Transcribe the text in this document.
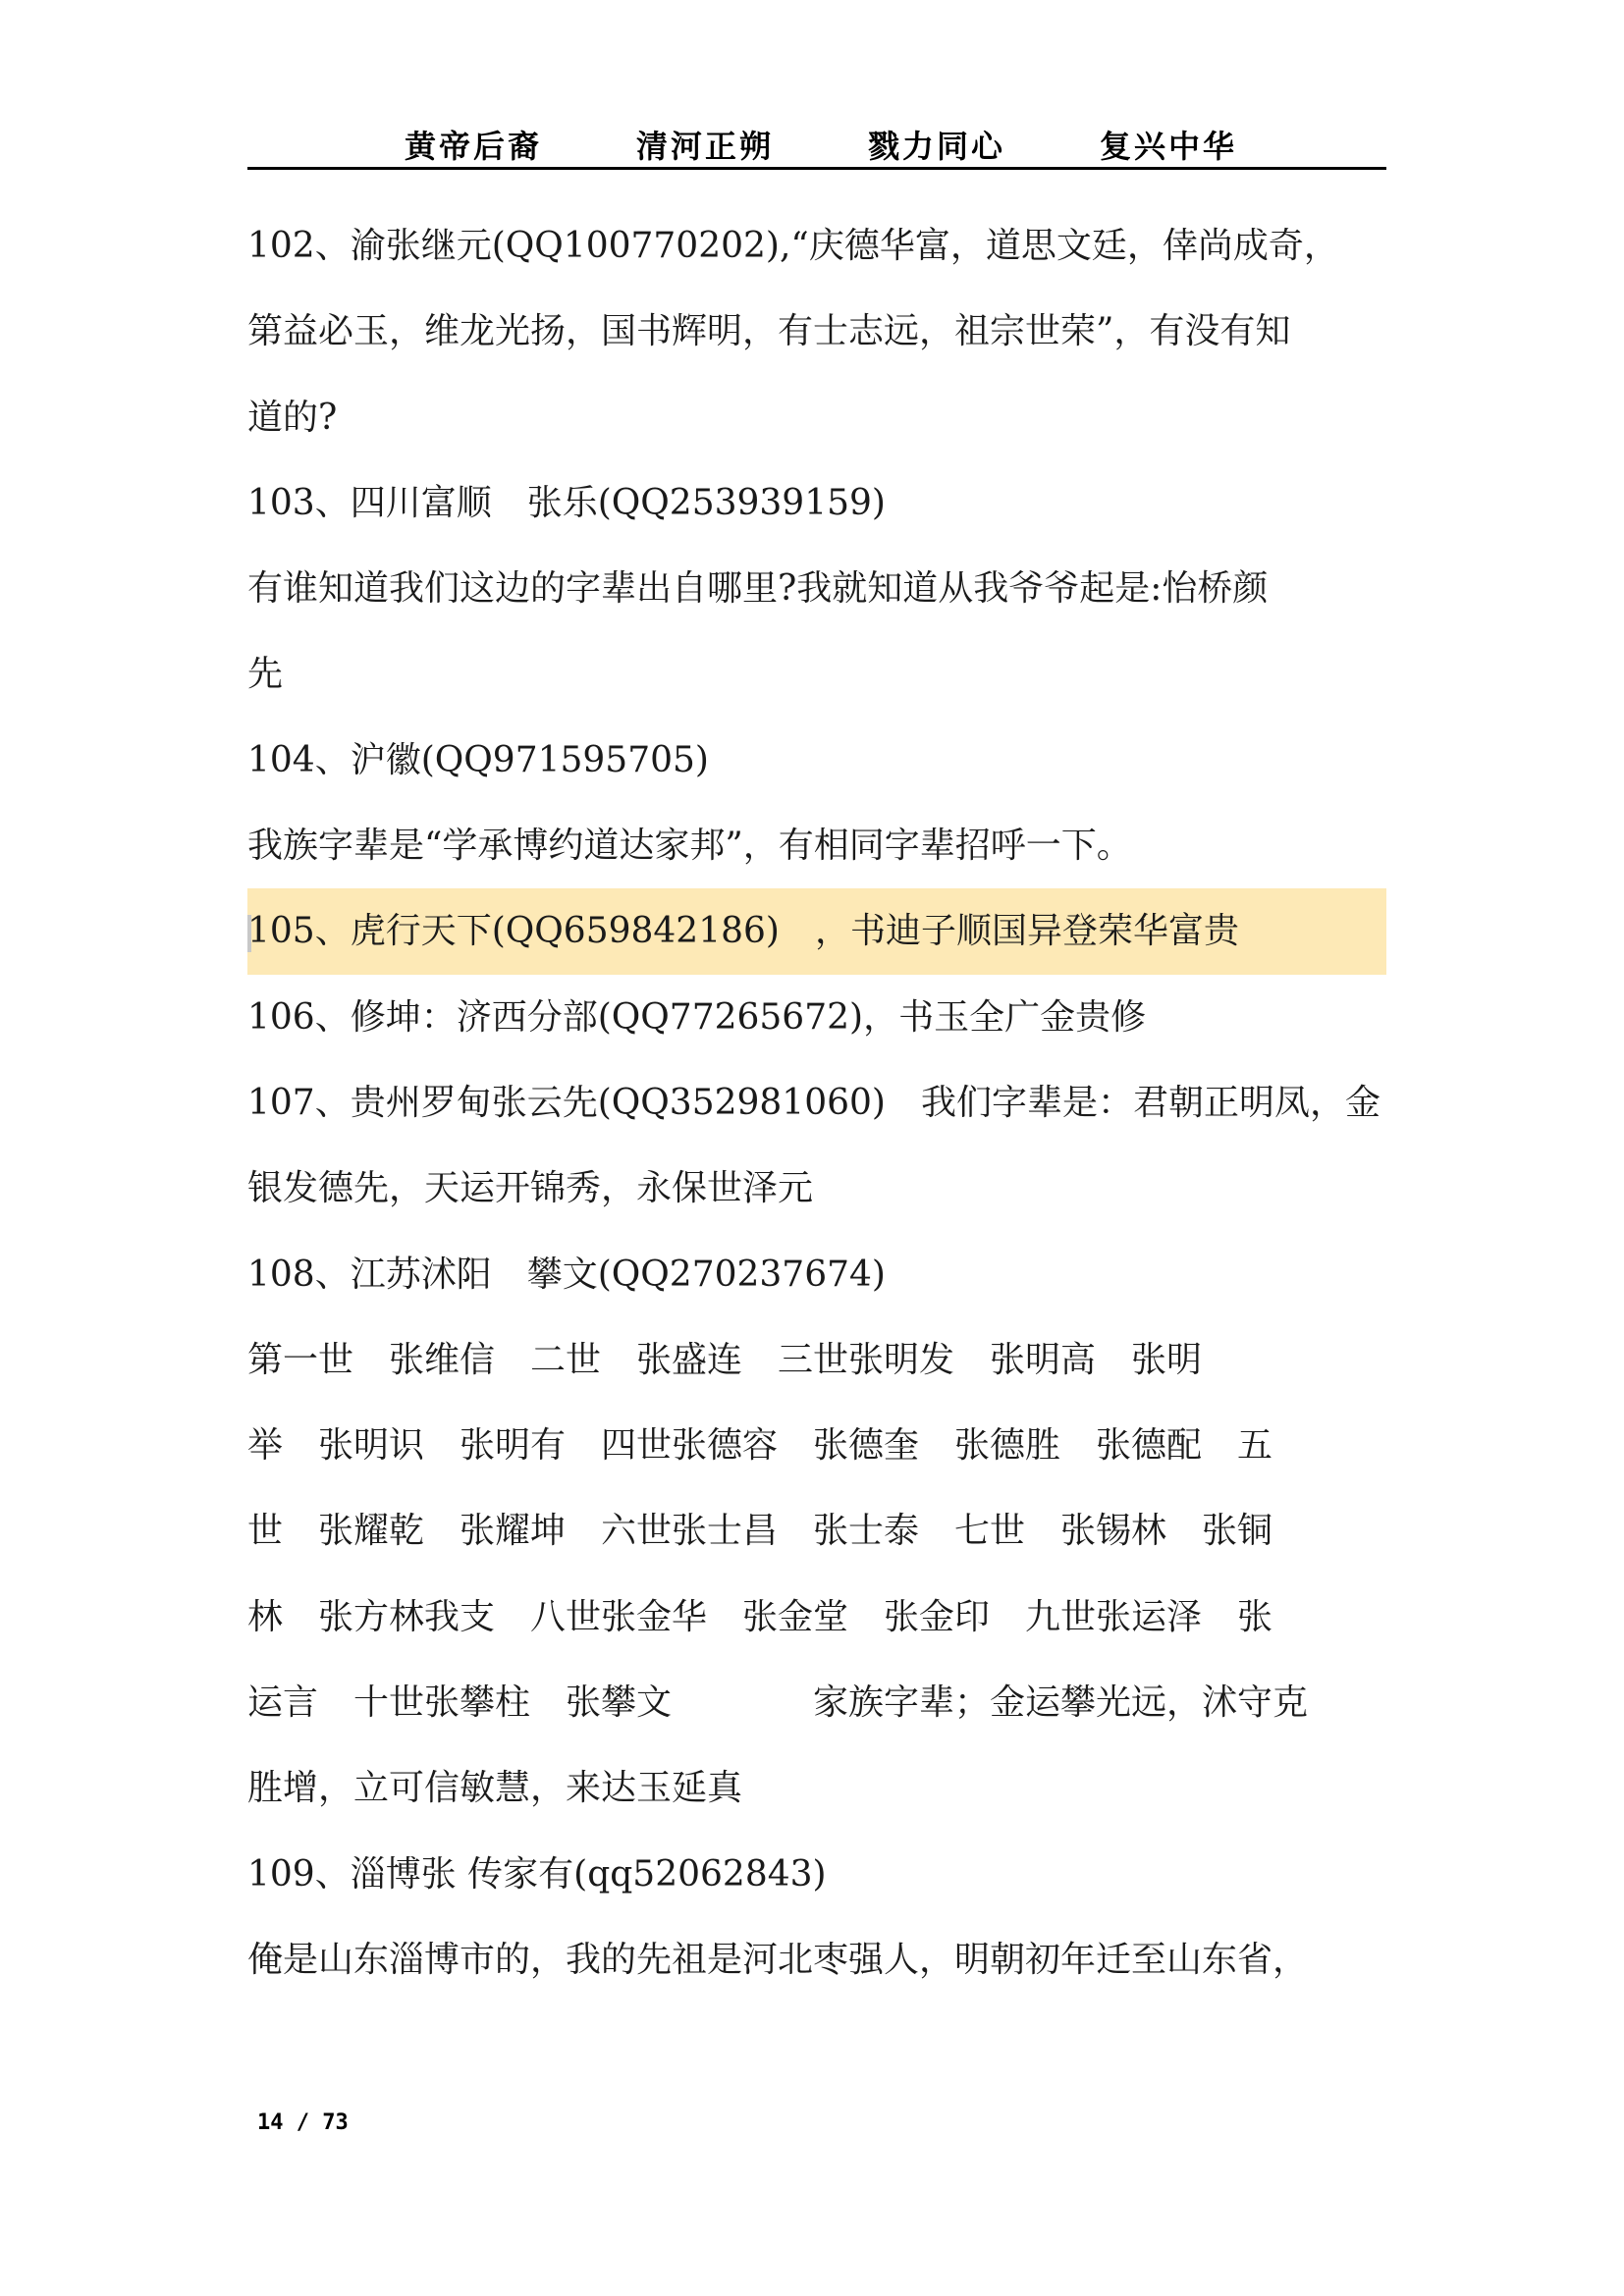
黄帝后裔	清河正朔	戮力同心	复兴中华
102、渝张继元(QQ100770202),“庆德华富，道思文廷，倖尚成奇，
第益必玉，维龙光扬，国书辉明，有士志远，祖宗世荣”，有没有知
道的?
103、四川富顺　张乐(QQ253939159)
有谁知道我们这边的字辈出自哪里?我就知道从我爷爷起是:怡桥颜
先
104、沪徽(QQ971595705)
我族字辈是“学承博约道达家邦”，有相同字辈招呼一下。
105、虎行天下(QQ659842186)　，书迪子顺国异登荣华富贵
106、修坤：济西分部(QQ77265672)，书玉全广金贵修
107、贵州罗甸张云先(QQ352981060)　我们字辈是：君朝正明凤，金
银发德先，天运开锦秀，永保世泽元
108、江苏沭阳　攀文(QQ270237674)
第一世　张维信　二世　张盛连　三世张明发　张明高　张明
举　张明识　张明有　四世张德容　张德奎　张德胜　张德配　五
世　张耀乾　张耀坤　六世张士昌　张士泰　七世　张锡林　张铜
林　张方林我支　八世张金华　张金堂　张金印　九世张运泽　张
运言　十世张攀柱　张攀文　　　　家族字辈；金运攀光远，沭守克
胜增，立可信敏慧，来达玉延真
109、淄博张 传家有(qq52062843)
俺是山东淄博市的，我的先祖是河北枣强人，明朝初年迁至山东省，
14 / 73
